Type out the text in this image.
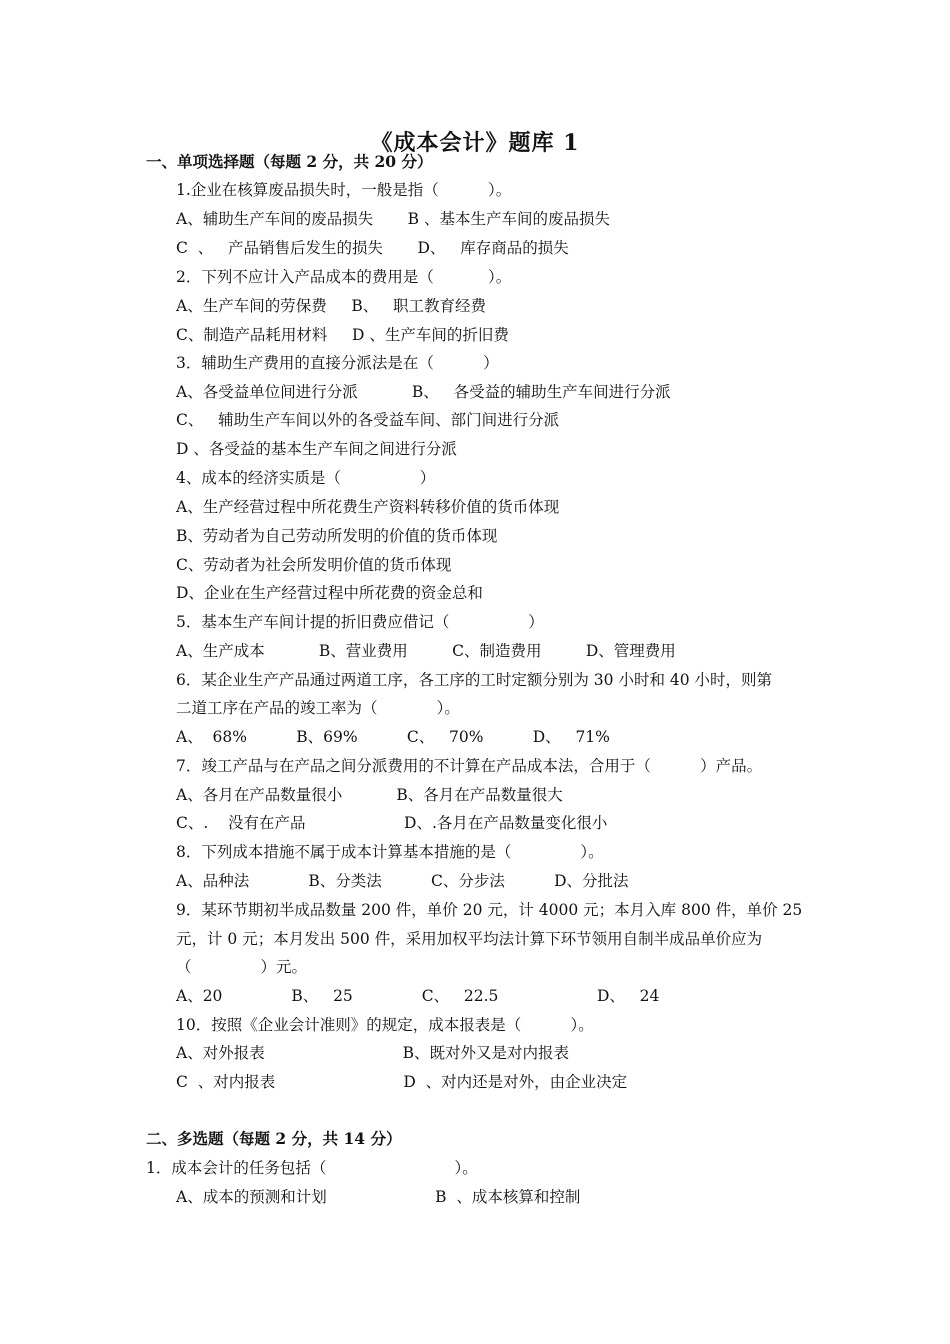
《成本会计》题库 1
一、单项选择题（每题 2 分，共 20 分）
1.企业在核算废品损失时，一般是指（          ）。
A、辅助生产车间的废品损失       B 、基本生产车间的废品损失
C  、   产品销售后发生的损失       D、   库存商品的损失
2．下列不应计入产品成本的费用是（           ）。
A、生产车间的劳保费     B、   职工教育经费
C、制造产品耗用材料     D 、生产车间的折旧费
3．辅助生产费用的直接分派法是在（          ）
A、各受益单位间进行分派           B、   各受益的辅助生产车间进行分派
C、   辅助生产车间以外的各受益车间、部门间进行分派
D 、各受益的基本生产车间之间进行分派
4、成本的经济实质是（                ）
A、生产经营过程中所花费生产资料转移价值的货币体现
B、劳动者为自己劳动所发明的价值的货币体现
C、劳动者为社会所发明价值的货币体现
D、企业在生产经营过程中所花费的资金总和
5．基本生产车间计提的折旧费应借记（                ）
A、生产成本           B、营业费用         C、制造费用         D、管理费用
6．某企业生产产品通过两道工序，各工序的工时定额分别为 30 小时和 40 小时，则第
二道工序在产品的竣工率为（            ）。
A、  68%          B、69%          C、   70%          D、   71%
7．竣工产品与在产品之间分派费用的不计算在产品成本法，合用于（          ）产品。
A、各月在产品数量很小           B、各月在产品数量很大
C、.    没有在产品                    D、.各月在产品数量变化很小
8．下列成本措施不属于成本计算基本措施的是（              ）。
A、品种法            B、分类法          C、分步法          D、分批法
9．某环节期初半成品数量 200 件，单价 20 元，计 4000 元；本月入库 800 件，单价 25
元，计 0 元；本月发出 500 件，采用加权平均法计算下环节领用自制半成品单价应为
（              ）元。
A、20              B、   25              C、   22.5                    D、   24
10．按照《企业会计准则》的规定，成本报表是（          ）。
A、对外报表                            B、既对外又是对内报表
C  、对内报表                          D  、对内还是对外，由企业决定
二、多选题（每题 2 分，共 14 分）
1．成本会计的任务包括（                          ）。
A、成本的预测和计划                      B  、成本核算和控制
